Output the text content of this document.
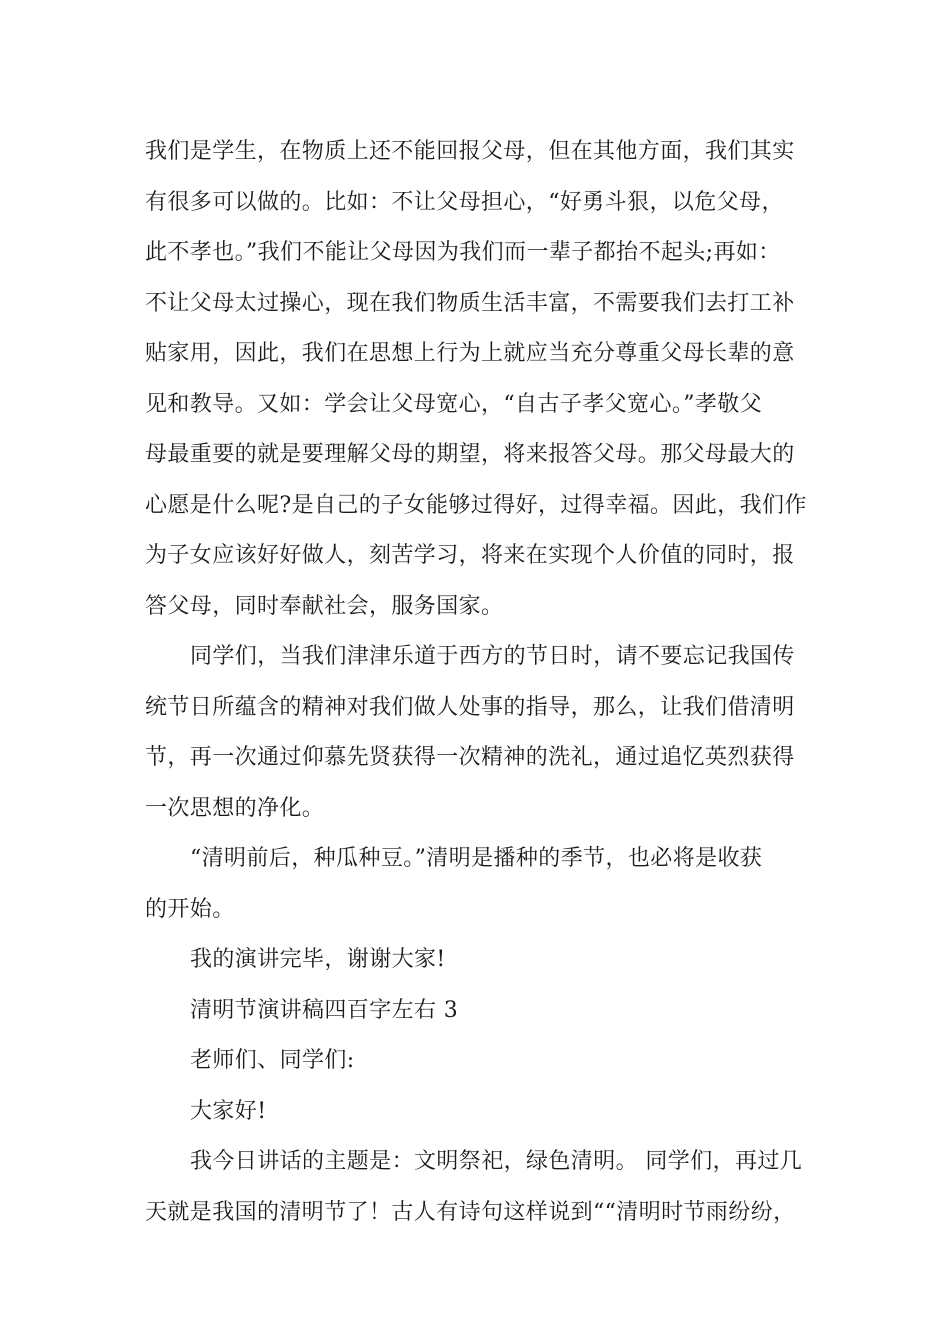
我们是学生，在物质上还不能回报父母，但在其他方面，我们其实
有很多可以做的。比如：不让父母担心，“好勇斗狠，以危父母，
此不孝也。”我们不能让父母因为我们而一辈子都抬不起头;再如：
不让父母太过操心，现在我们物质生活丰富，不需要我们去打工补
贴家用，因此，我们在思想上行为上就应当充分尊重父母长辈的意
见和教导。又如：学会让父母宽心，“自古子孝父宽心。”孝敬父
母最重要的就是要理解父母的期望，将来报答父母。那父母最大的
心愿是什么呢?是自己的子女能够过得好，过得幸福。因此，我们作
为子女应该好好做人，刻苦学习，将来在实现个人价值的同时，报
答父母，同时奉献社会，服务国家。
同学们，当我们津津乐道于西方的节日时，请不要忘记我国传
统节日所蕴含的精神对我们做人处事的指导，那么，让我们借清明
节，再一次通过仰慕先贤获得一次精神的洗礼，通过追忆英烈获得
一次思想的净化。
“清明前后，种瓜种豆。”清明是播种的季节，也必将是收获
的开始。
我的演讲完毕，谢谢大家!
清明节演讲稿四百字左右 3
老师们、同学们:
大家好!
我今日讲话的主题是：文明祭祀，绿色清明。 同学们，再过几
天就是我国的清明节了！古人有诗句这样说到““清明时节雨纷纷，
